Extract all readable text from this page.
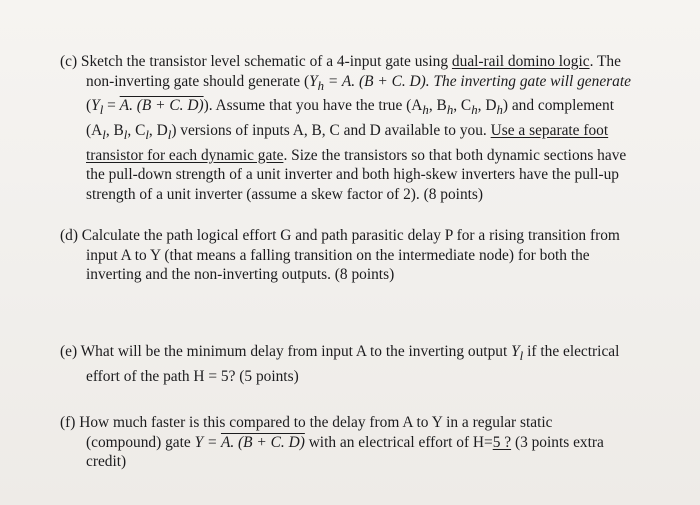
(c) Sketch the transistor level schematic of a 4-input gate using dual-rail domino logic. The
non-inverting gate should generate ($Y_h = A$. (B + C. D). The inverting gate will generate
($Y_l = A$. (B + C. D)). Assume that you have the true ($A_h$, $B_h$, $C_h$, $D_h$) and complement
($A_l$, $B_l$, $C_l$, $D_l$) versions of inputs A, B, C and D available to you. Use a separate foot
transistor for each dynamic gate. Size the transistors so that both dynamic sections have
the pull-down strength of a unit inverter and both high-skew inverters have the pull-up
strength of a unit inverter (assume a skew factor of 2). (8 points)
(d) Calculate the path logical effort G and path parasitic delay P for a rising transition from
input A to Y (that means a falling transition on the intermediate node) for both the
inverting and the non-inverting outputs. (8 points)
(e) What will be the minimum delay from input A to the inverting output $Y_l$ if the electrical
effort of the path H = 5? (5 points)
(f) How much faster is this compared to the delay from A to Y in a regular static
(compound) gate Y = A. (B + C. D) with an electrical effort of H=5 ? (3 points extra
credit)
